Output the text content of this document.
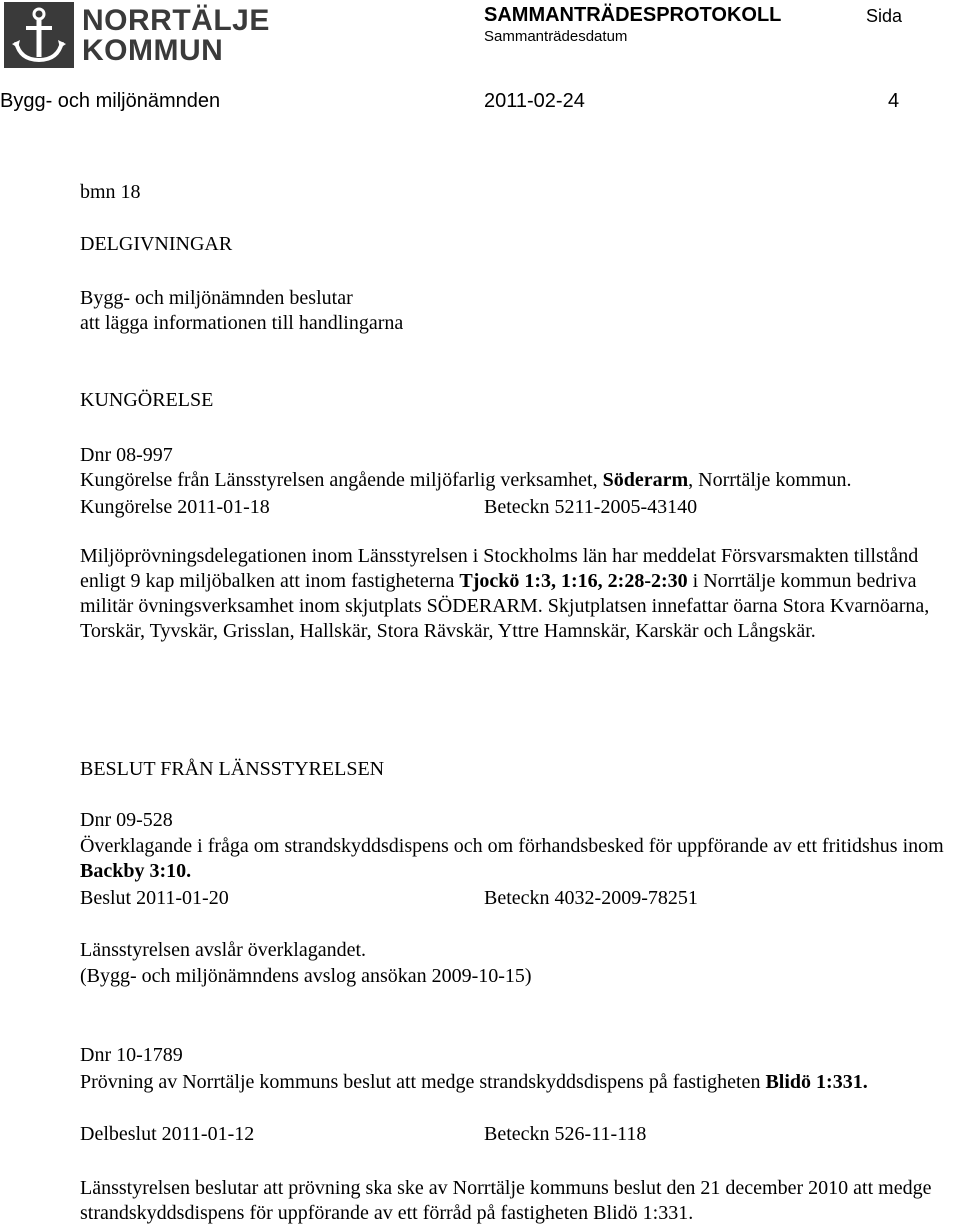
NORRTÄLJE
KOMMUN
SAMMANTRÄDESPROTOKOLL	Sida
Sammanträdesdatum
Bygg- och miljönämnden	2011-02-24	4
bmn 18
DELGIVNINGAR
Bygg- och miljönämnden beslutar
att lägga informationen till handlingarna
KUNGÖRELSE
Dnr 08-997
Kungörelse från Länsstyrelsen angående miljöfarlig verksamhet, Söderarm, Norrtälje kommun.
Kungörelse 2011-01-18	Beteckn 5211-2005-43140
Miljöprövningsdelegationen inom Länsstyrelsen i Stockholms län har meddelat Försvarsmakten tillstånd enligt 9 kap miljöbalken att inom fastigheterna Tjockö 1:3, 1:16, 2:28-2:30 i Norrtälje kommun bedriva militär övningsverksamhet inom skjutplats SÖDERARM. Skjutplatsen innefattar öarna Stora Kvarnöarna, Torskär, Tyvskär, Grisslan, Hallskär, Stora Rävskär, Yttre Hamnskär, Karskär och Långskär.
BESLUT FRÅN LÄNSSTYRELSEN
Dnr 09-528
Överklagande i fråga om strandskyddsdispens och om förhandsbesked för uppförande av ett fritidshus inom Backby 3:10.
Beslut 2011-01-20	Beteckn 4032-2009-78251
Länsstyrelsen avslår överklagandet.
(Bygg- och miljönämndens avslog ansökan 2009-10-15)
Dnr 10-1789
Prövning av Norrtälje kommuns beslut att medge strandskyddsdispens på fastigheten Blidö 1:331.
Delbeslut 2011-01-12	Beteckn 526-11-118
Länsstyrelsen beslutar att prövning ska ske av Norrtälje kommuns beslut den 21 december 2010 att medge strandskyddsdispens för uppförande av ett förråd på fastigheten Blidö 1:331.
